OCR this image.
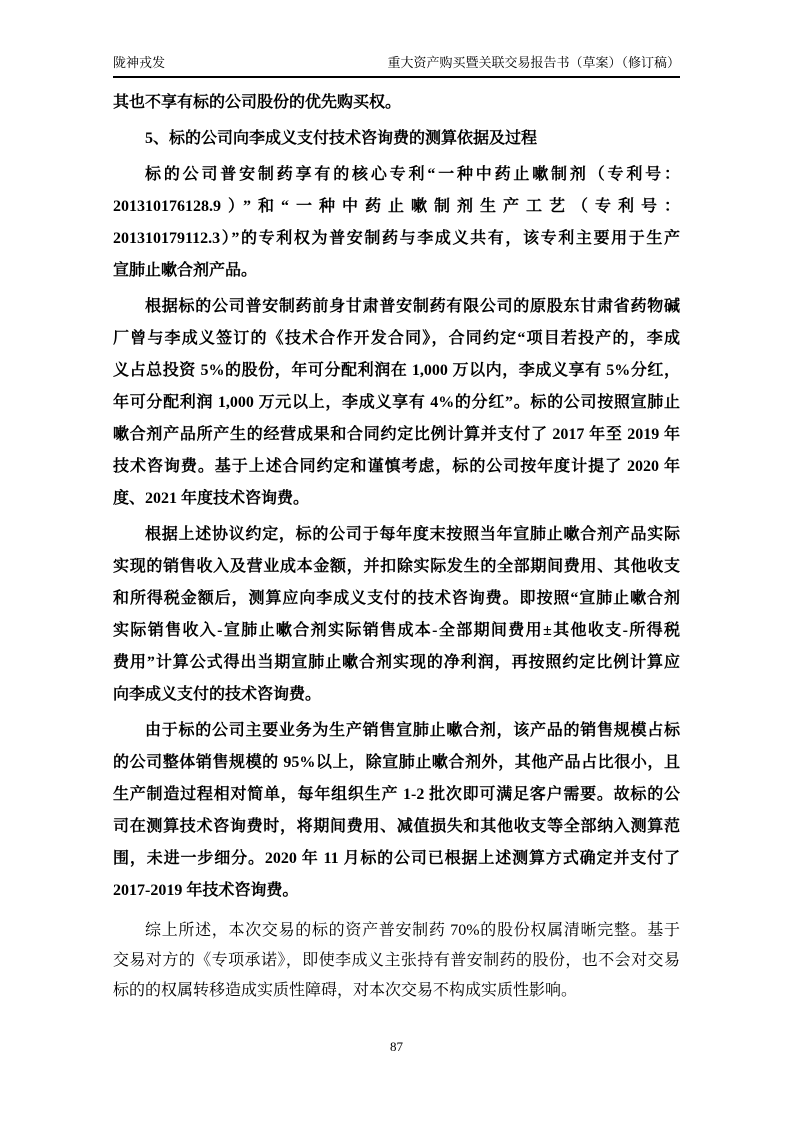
陇神戎发	重大资产购买暨关联交易报告书（草案）（修订稿）
其也不享有标的公司股份的优先购买权。
5、标的公司向李成义支付技术咨询费的测算依据及过程
标的公司普安制药享有的核心专利“一种中药止嗽制剂（专利号：
201310176128.9）”和“一种中药止嗽制剂生产工艺（专利号：
201310179112.3）”的专利权为普安制药与李成义共有，该专利主要用于生产
宣肺止嗽合剂产品。
根据标的公司普安制药前身甘肃普安制药有限公司的原股东甘肃省药物碱
厂曾与李成义签订的《技术合作开发合同》，合同约定“项目若投产的，李成
义占总投资 5%的股份，年可分配利润在 1,000 万以内，李成义享有 5%分红，
年可分配利润 1,000 万元以上，李成义享有 4%的分红”。标的公司按照宣肺止
嗽合剂产品所产生的经营成果和合同约定比例计算并支付了 2017 年至 2019 年
技术咨询费。基于上述合同约定和谨慎考虑，标的公司按年度计提了 2020 年
度、2021 年度技术咨询费。
根据上述协议约定，标的公司于每年度末按照当年宣肺止嗽合剂产品实际
实现的销售收入及营业成本金额，并扣除实际发生的全部期间费用、其他收支
和所得税金额后，测算应向李成义支付的技术咨询费。即按照“宣肺止嗽合剂
实际销售收入-宣肺止嗽合剂实际销售成本-全部期间费用±其他收支-所得税
费用”计算公式得出当期宣肺止嗽合剂实现的净利润，再按照约定比例计算应
向李成义支付的技术咨询费。
由于标的公司主要业务为生产销售宣肺止嗽合剂，该产品的销售规模占标
的公司整体销售规模的 95%以上，除宣肺止嗽合剂外，其他产品占比很小，且
生产制造过程相对简单，每年组织生产 1-2 批次即可满足客户需要。故标的公
司在测算技术咨询费时，将期间费用、减值损失和其他收支等全部纳入测算范
围，未进一步细分。2020 年 11 月标的公司已根据上述测算方式确定并支付了
2017-2019 年技术咨询费。
综上所述，本次交易的标的资产普安制药 70%的股份权属清晰完整。基于
交易对方的《专项承诺》，即使李成义主张持有普安制药的股份，也不会对交易
标的的权属转移造成实质性障碍，对本次交易不构成实质性影响。
87
